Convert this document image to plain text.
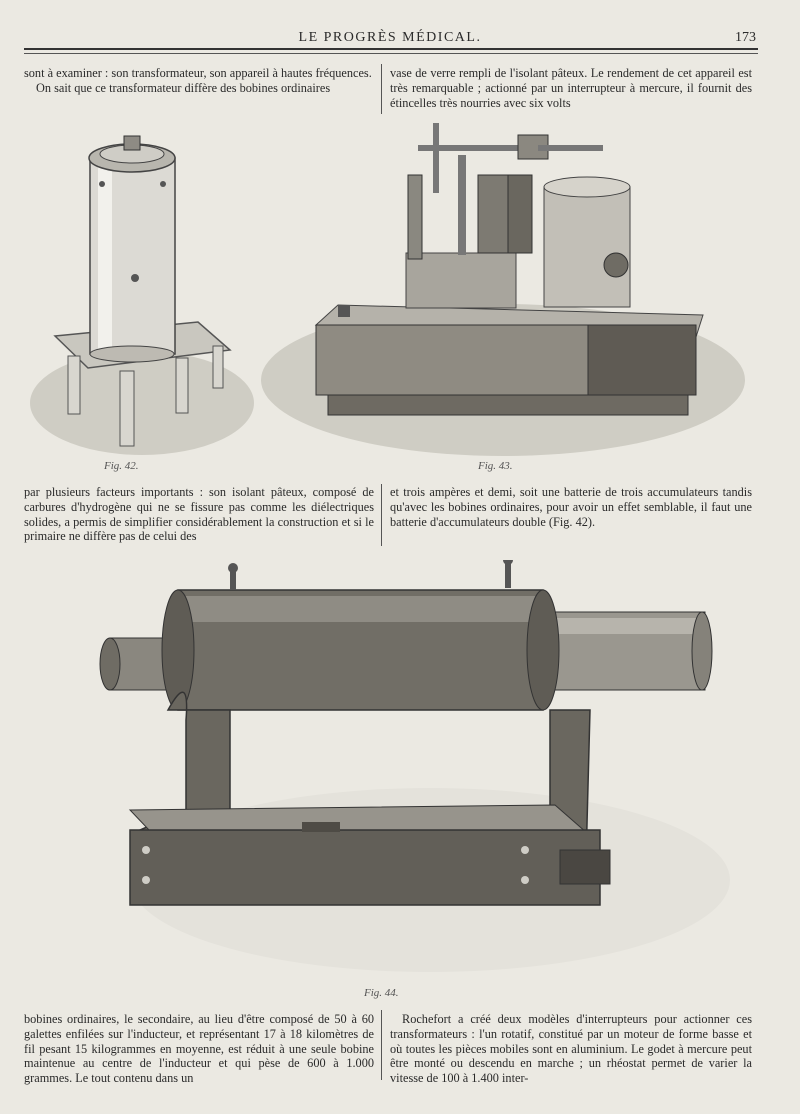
LE PROGRÈS MÉDICAL.	173

sont à examiner : son transformateur, son appareil à hautes fréquences.

On sait que ce transformateur diffère des bobines ordinaires

vase de verre rempli de l'isolant pâteux. Le rendement de cet appareil est très remarquable ; actionné par un interrupteur à mercure, il fournit des étincelles très nourries avec six volts

Fig. 42.	Fig. 43.

par plusieurs facteurs importants : son isolant pâteux, composé de carbures d'hydrogène qui ne se fissure pas comme les diélectriques solides, a permis de simplifier considérablement la construction et si le primaire ne diffère pas de celui des

et trois ampères et demi, soit une batterie de trois accumulateurs tandis qu'avec les bobines ordinaires, pour avoir un effet semblable, il faut une batterie d'accumulateurs double (Fig. 42).

Fig. 44.

bobines ordinaires, le secondaire, au lieu d'être composé de 50 à 60 galettes enfilées sur l'inducteur, et représentant 17 à 18 kilomètres de fil pesant 15 kilogrammes en moyenne, est réduit à une seule bobine maintenue au centre de l'inducteur et qui pèse de 600 à 1.000 grammes. Le tout contenu dans un

Rochefort a créé deux modèles d'interrupteurs pour actionner ces transformateurs : l'un rotatif, constitué par un moteur de forme basse et où toutes les pièces mobiles sont en aluminium. Le godet à mercure peut être monté ou descendu en marche ; un rhéostat permet de varier la vitesse de 100 à 1.400 inter-
